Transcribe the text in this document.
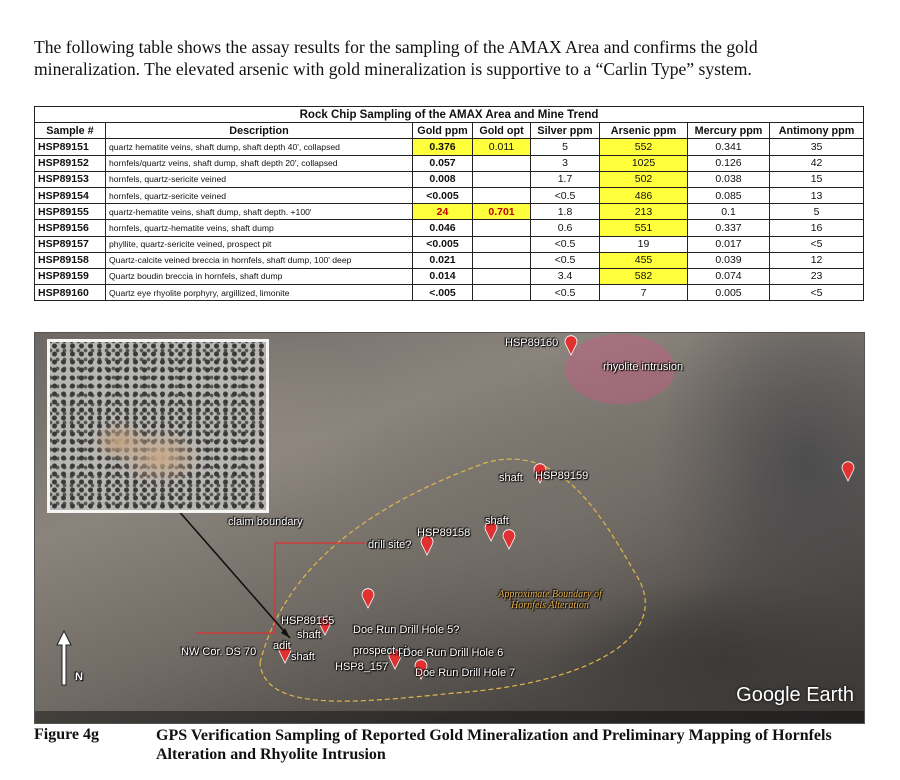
The following table shows the assay results for the sampling of the AMAX Area and confirms the gold mineralization. The elevated arsenic with gold mineralization is supportive to a “Carlin Type” system.

Rock Chip Sampling of the AMAX Area and Mine Trend							
Sample #	Description	Gold ppm	Gold opt	Silver ppm	Arsenic ppm	Mercury ppm	Antimony ppm
HSP89151	quartz hematite veins, shaft dump, shaft depth 40', collapsed	0.376	0.011	5	552	0.341	35
HSP89152	hornfels/quartz veins, shaft dump, shaft depth 20', collapsed	0.057		3	1025	0.126	42
HSP89153	hornfels, quartz-sericite veined	0.008		1.7	502	0.038	15
HSP89154	hornfels, quartz-sericite veined	<0.005		<0.5	486	0.085	13
HSP89155	quartz-hematite veins, shaft dump, shaft depth. +100'	24	0.701	1.8	213	0.1	5
HSP89156	hornfels, quartz-hematite veins, shaft dump	0.046		0.6	551	0.337	16
HSP89157	phyllite, quartz-sericite veined, prospect pit	<0.005		<0.5	19	0.017	<5
HSP89158	Quartz-calcite veined breccia in hornfels, shaft dump, 100' deep	0.021		<0.5	455	0.039	12
HSP89159	Quartz boudin breccia in hornfels, shaft dump	0.014		3.4	582	0.074	23
HSP89160	Quartz eye rhyolite porphyry, argillized, limonite	<.005		<0.5	7	0.005	<5
HSP89160
rhyolite intrusion
shaft HSP89159
claim boundary	shaft
HSP89158
drill site?
Approximate Boundary of Hornfels Alteration
HSP89155
shaft	Doe Run Drill Hole 5?
NW Cor. DS 70 adit
shaft	prospect pit
Doe Run Drill Hole 6
HSP8_157 Doe Run Drill Hole 7
N
Google Earth
Figure 4g	GPS Verification Sampling of Reported Gold Mineralization and Preliminary Mapping of Hornfels Alteration and Rhyolite Intrusion
